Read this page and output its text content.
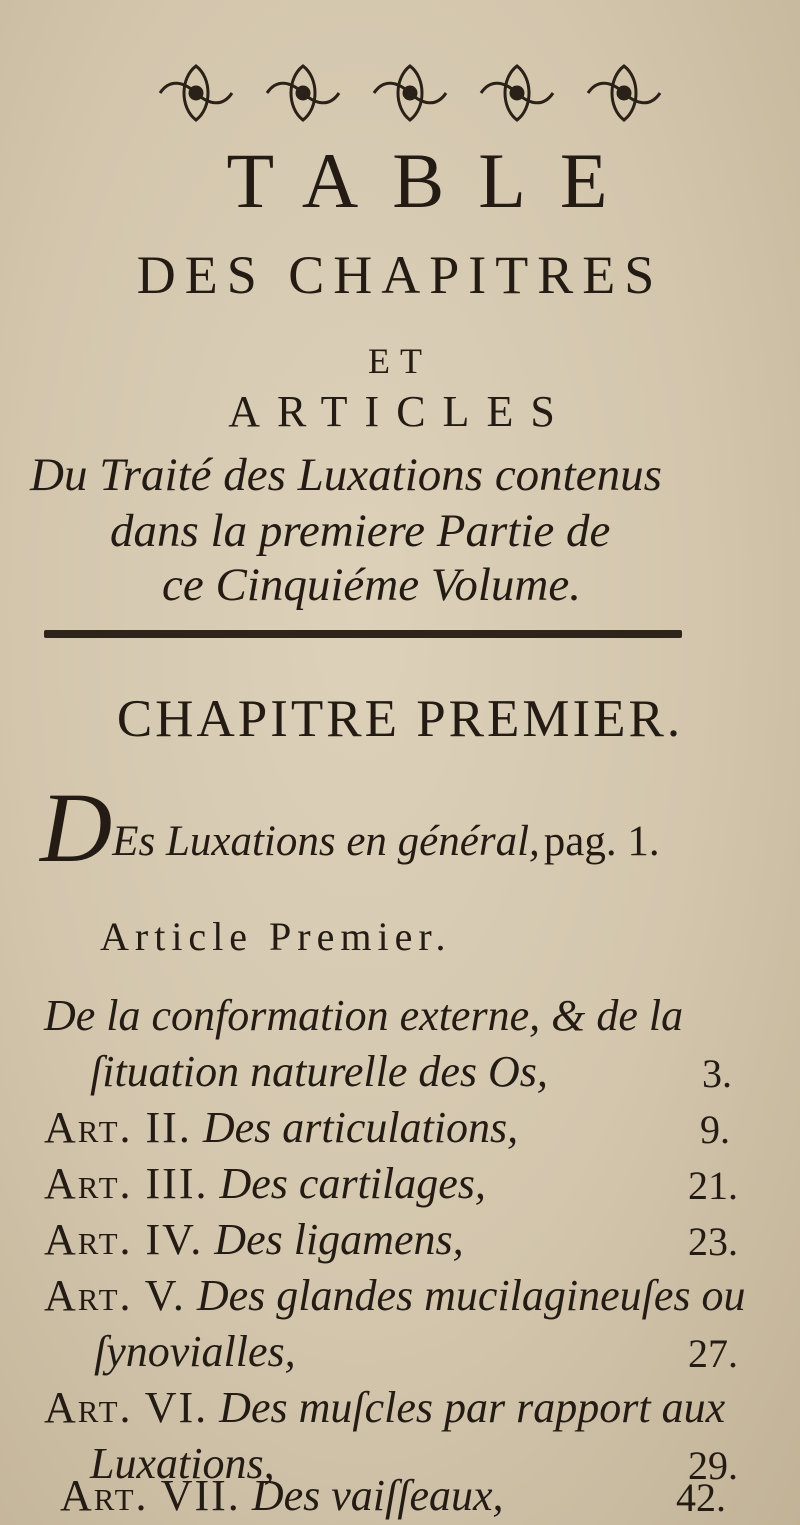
TABLE
DES CHAPITRES
ET
ARTICLES
Du Traité des Luxations contenus
dans la premiere Partie de
ce Cinquiéme Volume.
CHAPITRE PREMIER.
DEs Luxations en général, pag. 1.
Article Premier.
De la conformation externe, & de la
ſituation naturelle des Os,	3.
Art. II. Des articulations,	9.
Art. III. Des cartilages,	21.
Art. IV. Des ligamens,	23.
Art. V. Des glandes mucilagineuſes ou
ſynovialles,	27.
Art. VI. Des muſcles par rapport aux
Luxations,	29.
Art. VII. Des vaiſſeaux,	42.
